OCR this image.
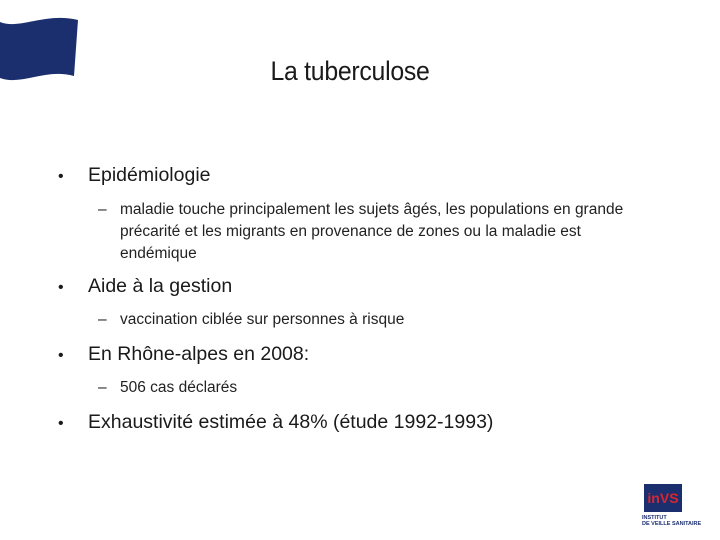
La tuberculose
•	Epidémiologie
– maladie touche principalement les sujets âgés, les populations en grande précarité et les migrants en provenance de zones ou la maladie est endémique
•	Aide à la gestion
– vaccination ciblée sur personnes à risque
•	En Rhône-alpes en 2008:
– 506 cas déclarés
•	Exhaustivité estimée à 48% (étude 1992-1993)
in VS
INSTITUT
DE VEILLE SANITAIRE
